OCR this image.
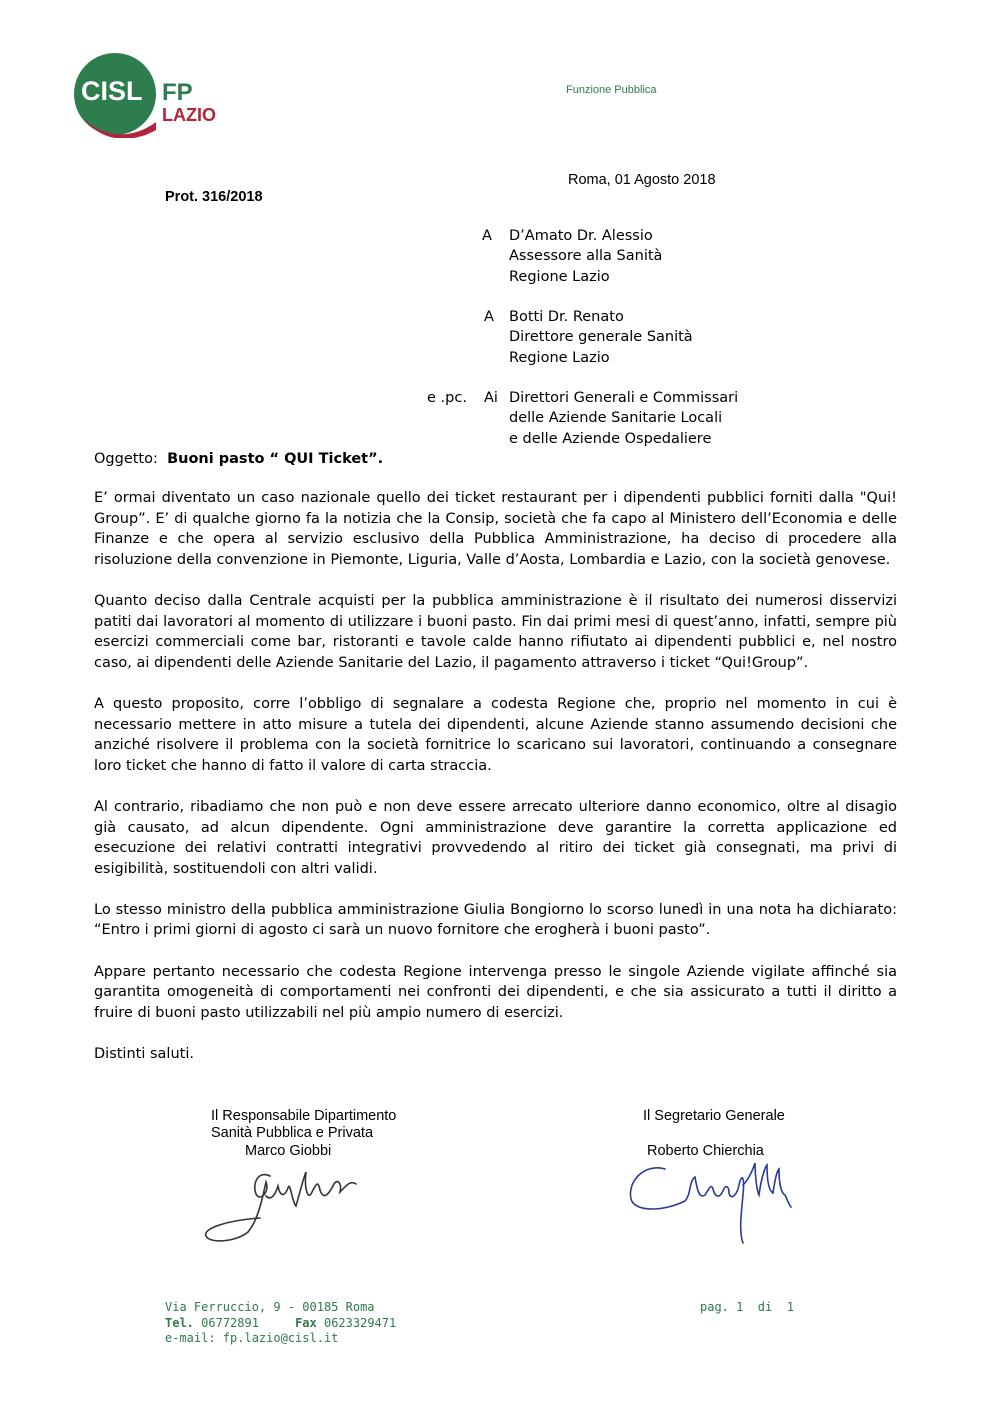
CISL FP
LAZIO
Funzione Pubblica
Roma, 01 Agosto 2018
Prot. 316/2018
A D’Amato Dr. Alessio
Assessore alla Sanità
Regione Lazio
A Botti Dr. Renato
Direttore generale Sanità
Regione Lazio
e .pc. Ai Direttori Generali e Commissari
delle Aziende Sanitarie Locali
e delle Aziende Ospedaliere
Oggetto: Buoni pasto “ QUI Ticket”.

E’ ormai diventato un caso nazionale quello dei ticket restaurant per i dipendenti pubblici forniti dalla "Qui! Group”. E’ di qualche giorno fa la notizia che la Consip, società che fa capo al Ministero dell’Economia e delle Finanze e che opera al servizio esclusivo della Pubblica Amministrazione, ha deciso di procedere alla risoluzione della convenzione in Piemonte, Liguria, Valle d’Aosta, Lombardia e Lazio, con la società genovese.

Quanto deciso dalla Centrale acquisti per la pubblica amministrazione è il risultato dei numerosi disservizi patiti dai lavoratori al momento di utilizzare i buoni pasto. Fin dai primi mesi di quest’anno, infatti, sempre più esercizi commerciali come bar, ristoranti e tavole calde hanno rifiutato ai dipendenti pubblici e, nel nostro caso, ai dipendenti delle Aziende Sanitarie del Lazio, il pagamento attraverso i ticket “Qui!Group”.

A questo proposito, corre l’obbligo di segnalare a codesta Regione che, proprio nel momento in cui è necessario mettere in atto misure a tutela dei dipendenti, alcune Aziende stanno assumendo decisioni che anziché risolvere il problema con la società fornitrice lo scaricano sui lavoratori, continuando a consegnare loro ticket che hanno di fatto il valore di carta straccia.

Al contrario, ribadiamo che non può e non deve essere arrecato ulteriore danno economico, oltre al disagio già causato, ad alcun dipendente. Ogni amministrazione deve garantire la corretta applicazione ed esecuzione dei relativi contratti integrativi provvedendo al ritiro dei ticket già consegnati, ma privi di esigibilità, sostituendoli con altri validi.

Lo stesso ministro della pubblica amministrazione Giulia Bongiorno lo scorso lunedì in una nota ha dichiarato: “Entro i primi giorni di agosto ci sarà un nuovo fornitore che erogherà i buoni pasto”.

Appare pertanto necessario che codesta Regione intervenga presso le singole Aziende vigilate affinché sia garantita omogeneità di comportamenti nei confronti dei dipendenti, e che sia assicurato a tutti il diritto a fruire di buoni pasto utilizzabili nel più ampio numero di esercizi.

Distinti saluti.

Il Responsabile Dipartimento
Sanità Pubblica e Privata
Marco Giobbi
Il Segretario Generale
Roberto Chierchia
Via Ferruccio, 9 - 00185 Roma
Tel. 06772891	Fax 0623329471
e-mail: fp.lazio@cisl.it
pag. 1  di  1
